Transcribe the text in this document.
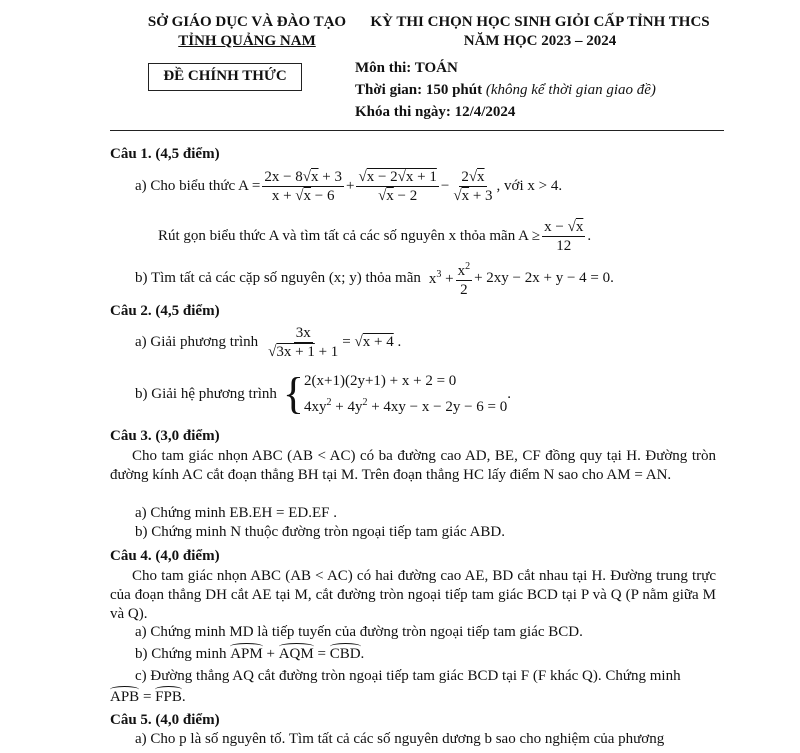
SỞ GIÁO DỤC VÀ ĐÀO TẠO
TỈNH QUẢNG NAM
ĐỀ CHÍNH THỨC
KỲ THI CHỌN HỌC SINH GIỎI CẤP TỈNH THCS
NĂM HỌC 2023 – 2024
Môn thi: TOÁN
Thời gian: 150 phút (không kể thời gian giao đề)
Khóa thi ngày: 12/4/2024
Câu 1. (4,5 điểm)
a) Cho biểu thức $A = \frac{2x - 8√x + 3}{x + √x - 6} + \frac{√x - 2√x + 1}{√x - 2} - \frac{2√x}{√x + 3}$ , với x > 4.
Rút gọn biểu thức A và tìm tất cả các số nguyên x thỏa mãn $A \ge \frac{x - √x}{12}$ .
b) Tìm tất cả các cặp số nguyên (x; y) thỏa mãn $x^3 + \frac{x^2}{2} + 2xy - 2x + y - 4 = 0$.
Câu 2. (4,5 điểm)
a) Giải phương trình $\frac{3x}{√3x + 1 + 1} = √x + 4$ .
b) Giải hệ phương trình { 2(x+1)(2y+1) + x + 2 = 0
$4xy^2 + 4y^2 + 4xy - x - 2y - 6 = 0$
.
Câu 3. (3,0 điểm)
Cho tam giác nhọn ABC (AB < AC) có ba đường cao AD, BE, CF đồng quy tại H. Đường tròn đường kính AC cắt đoạn thẳng BH tại M. Trên đoạn thẳng HC lấy điểm N sao cho AM = AN.
a) Chứng minh EB.EH = ED.EF .
b) Chứng minh N thuộc đường tròn ngoại tiếp tam giác ABD.
Câu 4. (4,0 điểm)
Cho tam giác nhọn ABC (AB < AC) có hai đường cao AE, BD cắt nhau tại H. Đường trung trực của đoạn thẳng DH cắt AE tại M, cắt đường tròn ngoại tiếp tam giác BCD tại P và Q (P nằm giữa M và Q).
a) Chứng minh MD là tiếp tuyến của đường tròn ngoại tiếp tam giác BCD.
b) Chứng minh APM + AQM = CBD.
c) Đường thẳng AQ cắt đường tròn ngoại tiếp tam giác BCD tại F (F khác Q). Chứng minh
APB = FPB.
Câu 5. (4,0 điểm)
a) Cho p là số nguyên tố. Tìm tất cả các số nguyên dương b sao cho nghiệm của phương
